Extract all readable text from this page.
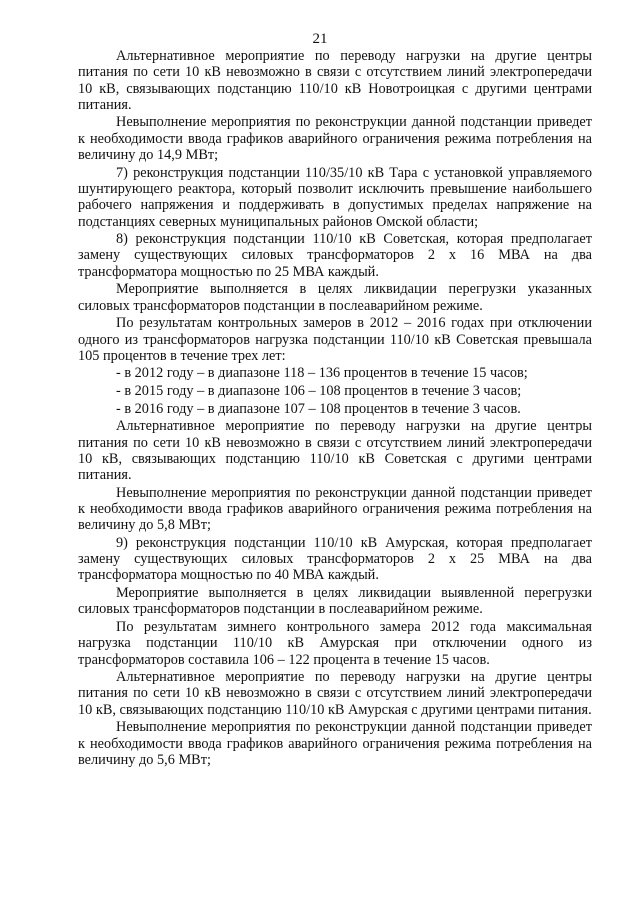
21

Альтернативное мероприятие по переводу нагрузки на другие центры питания по сети 10 кВ невозможно в связи с отсутствием линий электропередачи 10 кВ, связывающих подстанцию 110/10 кВ Новотроицкая с другими центрами питания.

Невыполнение мероприятия по реконструкции данной подстанции приведет к необходимости ввода графиков аварийного ограничения режима потребления на величину до 14,9 МВт;

7) реконструкция подстанции 110/35/10 кВ Тара с установкой управляемого шунтирующего реактора, который позволит исключить превышение наибольшего рабочего напряжения и поддерживать в допустимых пределах напряжение на подстанциях северных муниципальных районов Омской области;

8) реконструкция подстанции 110/10 кВ Советская, которая предполагает замену существующих силовых трансформаторов 2 х 16 МВА на два трансформатора мощностью по 25 МВА каждый.

Мероприятие выполняется в целях ликвидации перегрузки указанных силовых трансформаторов подстанции в послеаварийном режиме.

По результатам контрольных замеров в 2012 – 2016 годах при отключении одного из трансформаторов нагрузка подстанции 110/10 кВ Советская превышала 105 процентов в течение трех лет:

- в 2012 году – в диапазоне 118 – 136 процентов в течение 15 часов;

- в 2015 году – в диапазоне 106 – 108 процентов в течение 3 часов;

- в 2016 году – в диапазоне 107 – 108 процентов в течение 3 часов.

Альтернативное мероприятие по переводу нагрузки на другие центры питания по сети 10 кВ невозможно в связи с отсутствием линий электропередачи 10 кВ, связывающих подстанцию 110/10 кВ Советская с другими центрами питания.

Невыполнение мероприятия по реконструкции данной подстанции приведет к необходимости ввода графиков аварийного ограничения режима потребления на величину до 5,8 МВт;

9) реконструкция подстанции 110/10 кВ Амурская, которая предполагает замену существующих силовых трансформаторов 2 х 25 МВА на два трансформатора мощностью по 40 МВА каждый.

Мероприятие выполняется в целях ликвидации выявленной перегрузки силовых трансформаторов подстанции в послеаварийном режиме.

По результатам зимнего контрольного замера 2012 года максимальная нагрузка подстанции 110/10 кВ Амурская при отключении одного из трансформаторов составила 106 – 122 процента в течение 15 часов.

Альтернативное мероприятие по переводу нагрузки на другие центры питания по сети 10 кВ невозможно в связи с отсутствием линий электропередачи 10 кВ, связывающих подстанцию 110/10 кВ Амурская с другими центрами питания.

Невыполнение мероприятия по реконструкции данной подстанции приведет к необходимости ввода графиков аварийного ограничения режима потребления на величину до 5,6 МВт;
